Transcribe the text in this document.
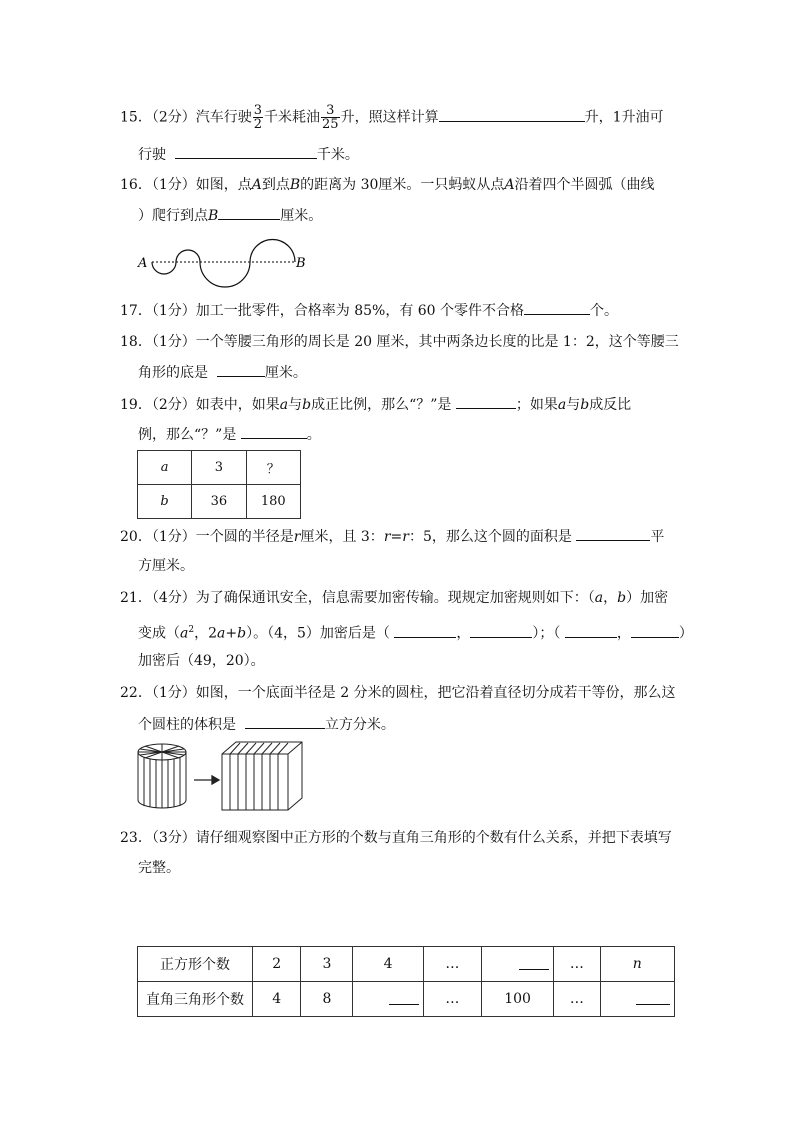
15．（2分）汽车行驶 $\frac{3}{2}$ 千米耗油 $\frac{3}{25}$ 升，照这样计算	升，1升油可
行驶	千米。
16．（1分）如图，点A到点B的距离为 30厘米。一只蚂蚁从点A沿着四个半圆弧（曲线
）爬行到点B	厘米。
A	B
17．（1分）加工一批零件，合格率为 85%，有 60 个零件不合格	个。
18．（1分）一个等腰三角形的周长是 20 厘米，其中两条边长度的比是 1：2，这个等腰三
角形的底是	厘米。
19．（2分）如表中，如果a与b成正比例，那么“？”是	；如果a与b成反比
例，那么“？”是	。
a	3	？
b	36	180
20．（1分）一个圆的半径是r厘米，且 3：r=r：5，那么这个圆的面积是	平
方厘米。
21．（4分）为了确保通讯安全，信息需要加密传输。现规定加密规则如下：（a，b）加密
变成（$a^2$，2a+b）。（4，5）加密后是（	，	）；（	，	）
加密后（49，20）。
22．（1分）如图，一个底面半径是 2 分米的圆柱，把它沿着直径切分成若干等份，那么这
个圆柱的体积是	立方分米。
23．（3分）请仔细观察图中正方形的个数与直角三角形的个数有什么关系，并把下表填写
完整。
正方形个数	2	3	4	…		…	n
直角三角形个数	4	8		…	100	…	
